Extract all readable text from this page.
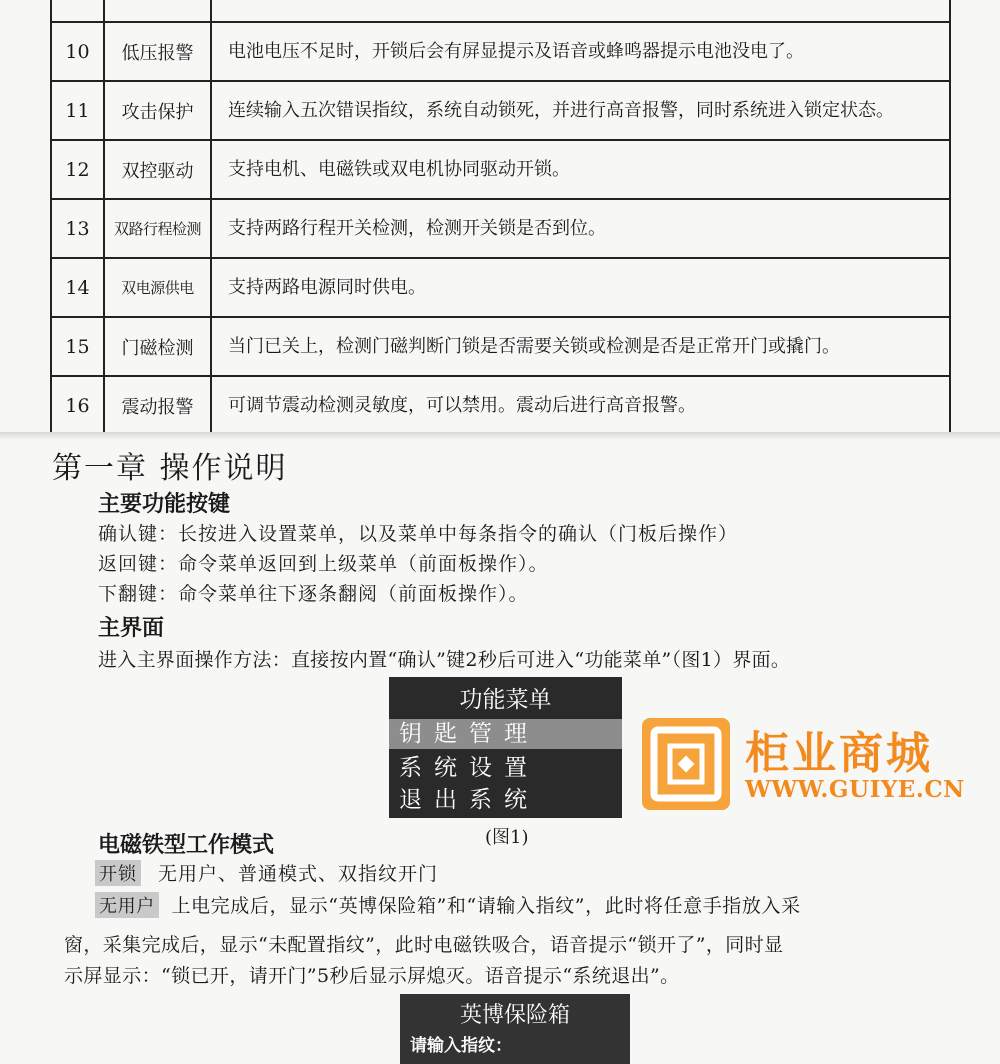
10	低压报警	电池电压不足时，开锁后会有屏显提示及语音或蜂鸣器提示电池没电了。
11	攻击保护	连续输入五次错误指纹，系统自动锁死，并进行高音报警，同时系统进入锁定状态。
12	双控驱动	支持电机、电磁铁或双电机协同驱动开锁。
13	双路行程检测	支持两路行程开关检测，检测开关锁是否到位。
14	双电源供电	支持两路电源同时供电。
15	门磁检测	当门已关上，检测门磁判断门锁是否需要关锁或检测是否是正常开门或撬门。
16	震动报警	可调节震动检测灵敏度，可以禁用。震动后进行高音报警。
第一章 操作说明
主要功能按键
确认键：长按进入设置菜单，以及菜单中每条指令的确认（门板后操作）
返回键：命令菜单返回到上级菜单（前面板操作）。
下翻键：命令菜单往下逐条翻阅（前面板操作）。
主界面
进入主界面操作方法：直接按内置“确认”键2秒后可进入“功能菜单”（图1）界面。
功能菜单
钥匙管理
系统设置
退出系统
(图1)
柜业商城
WWW.GUIYE.CN
电磁铁型工作模式
开锁 无用户、普通模式、双指纹开门
无用户 上电完成后，显示“英博保险箱”和“请输入指纹”，此时将任意手指放入采
窗，采集完成后，显示“未配置指纹”，此时电磁铁吸合，语音提示“锁开了”，同时显
示屏显示：“锁已开，请开门”5秒后显示屏熄灭。语音提示“系统退出”。
英博保险箱
请输入指纹：
